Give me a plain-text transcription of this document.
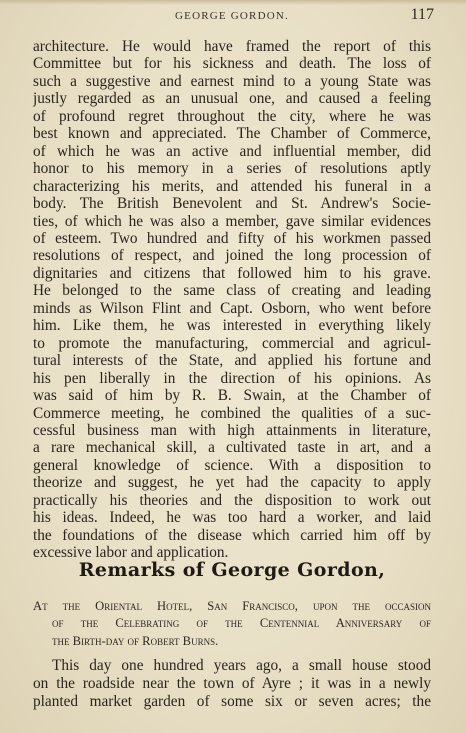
GEORGE GORDON.	117
architecture. He would have framed the report of this
Committee but for his sickness and death. The loss of
such a suggestive and earnest mind to a young State was
justly regarded as an unusual one, and caused a feeling
of profound regret throughout the city, where he was
best known and appreciated. The Chamber of Commerce,
of which he was an active and influential member, did
honor to his memory in a series of resolutions aptly
characterizing his merits, and attended his funeral in a
body. The British Benevolent and St. Andrew's Socie-
ties, of which he was also a member, gave similar evidences
of esteem. Two hundred and fifty of his workmen passed
resolutions of respect, and joined the long procession of
dignitaries and citizens that followed him to his grave.
He belonged to the same class of creating and leading
minds as Wilson Flint and Capt. Osborn, who went before
him. Like them, he was interested in everything likely
to promote the manufacturing, commercial and agricul-
tural interests of the State, and applied his fortune and
his pen liberally in the direction of his opinions. As
was said of him by R. B. Swain, at the Chamber of
Commerce meeting, he combined the qualities of a suc-
cessful business man with high attainments in literature,
a rare mechanical skill, a cultivated taste in art, and a
general knowledge of science. With a disposition to
theorize and suggest, he yet had the capacity to apply
practically his theories and the disposition to work out
his ideas. Indeed, he was too hard a worker, and laid
the foundations of the disease which carried him off by
excessive labor and application.
Remarks of George Gordon,
At the Oriental Hotel, San Francisco, upon the occasion
of the Celebrating of the Centennial Anniversary of
the Birth-day of Robert Burns.
This day one hundred years ago, a small house stood
on the roadside near the town of Ayre ; it was in a newly
planted market garden of some six or seven acres; the
